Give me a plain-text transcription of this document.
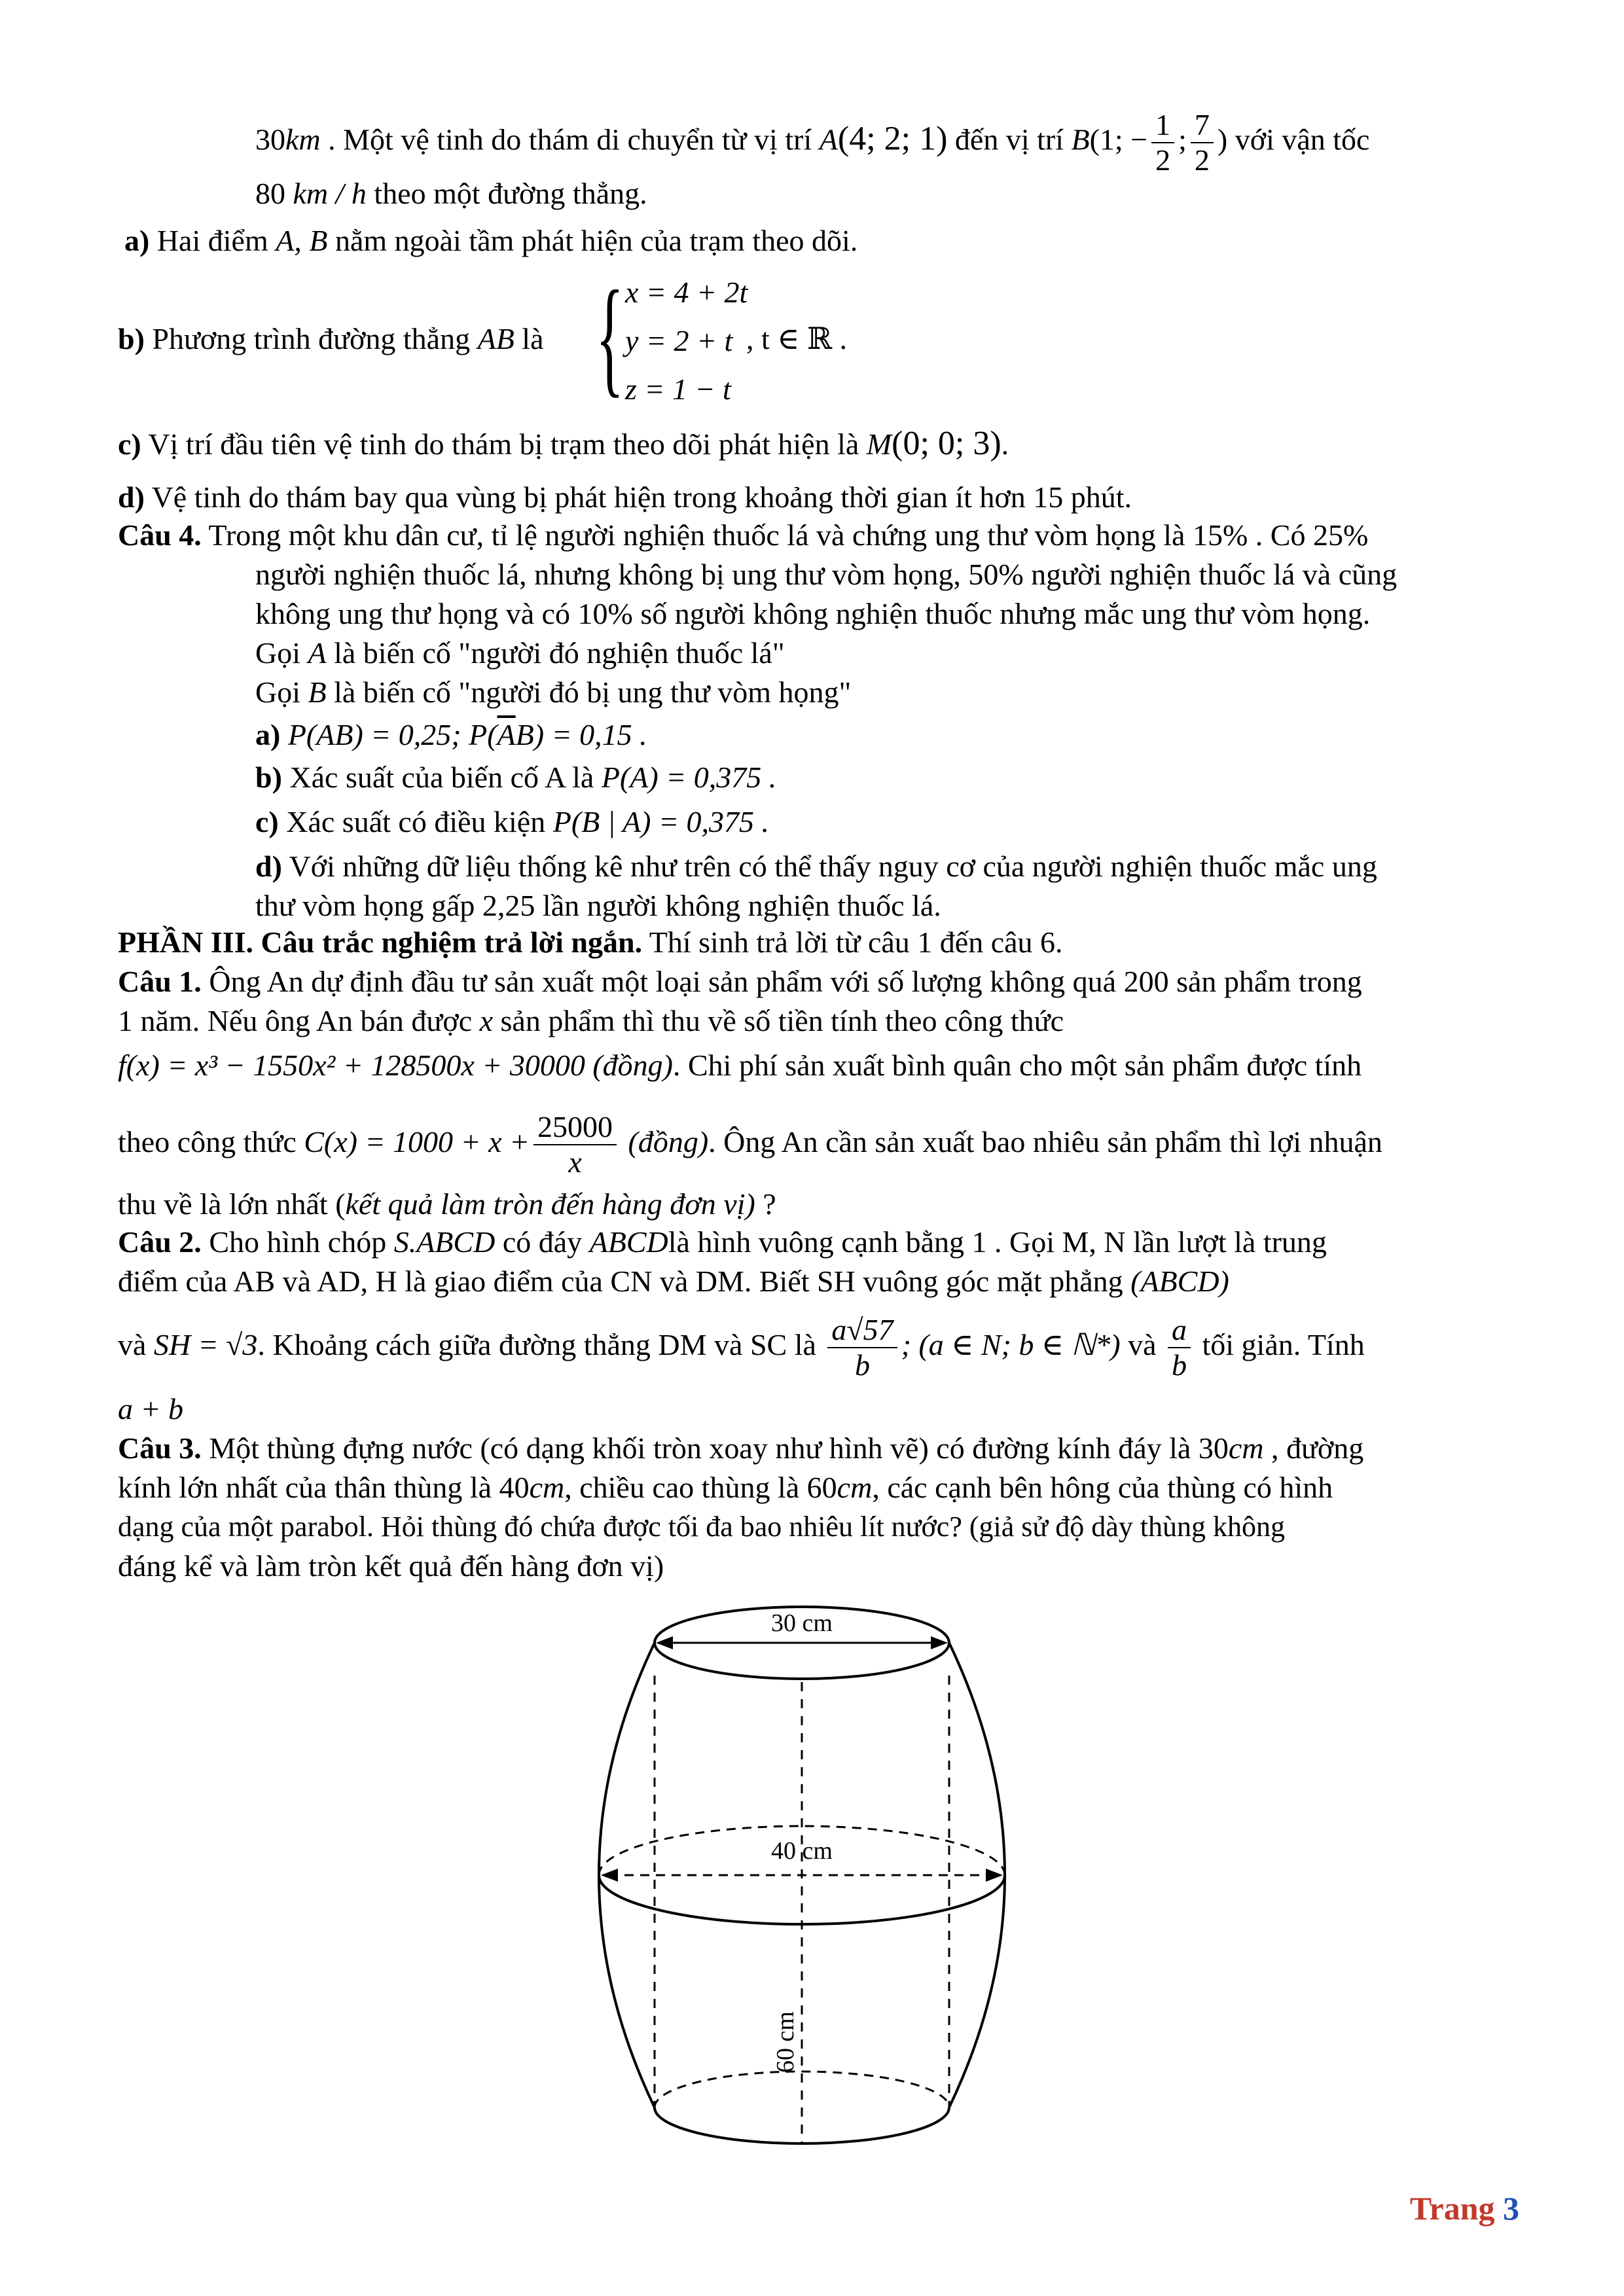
30km . Một vệ tinh do thám di chuyển từ vị trí A(4; 2; 1) đến vị trí B(1; − $\frac{1}{2}$ ; $\frac{7}{2}$ ) với vận tốc
80 km / h theo một đường thẳng.
a) Hai điểm A, B nằm ngoài tầm phát hiện của trạm theo dõi.
b) Phương trình đường thẳng AB là { x = 4 + 2t
y = 2 + t
z = 1 − t
, t ∈ ℝ .
c) Vị trí đầu tiên vệ tinh do thám bị trạm theo dõi phát hiện là M(0; 0; 3).
d) Vệ tinh do thám bay qua vùng bị phát hiện trong khoảng thời gian ít hơn 15 phút.
Câu 4. Trong một khu dân cư, tỉ lệ người nghiện thuốc lá và chứng ung thư vòm họng là 15% . Có 25%
người nghiện thuốc lá, nhưng không bị ung thư vòm họng, 50% người nghiện thuốc lá và cũng
không ung thư họng và có 10% số người không nghiện thuốc nhưng mắc ung thư vòm họng.
Gọi A là biến cố "người đó nghiện thuốc lá"
Gọi B là biến cố "người đó bị ung thư vòm họng"
a) P(AB) = 0,25; $P(\overline{A}B) = 0,15$ .
b) Xác suất của biến cố A là P(A) = 0,375 .
c) Xác suất có điều kiện P(B | A) = 0,375 .
d) Với những dữ liệu thống kê như trên có thể thấy nguy cơ của người nghiện thuốc mắc ung
thư vòm họng gấp 2,25 lần người không nghiện thuốc lá.
PHẦN III. Câu trắc nghiệm trả lời ngắn. Thí sinh trả lời từ câu 1 đến câu 6.
Câu 1. Ông An dự định đầu tư sản xuất một loại sản phẩm với số lượng không quá 200 sản phẩm trong
1 năm. Nếu ông An bán được x sản phẩm thì thu về số tiền tính theo công thức
f(x) = x³ − 1550x² + 128500x + 30000 (đồng). Chi phí sản xuất bình quân cho một sản phẩm được tính
theo công thức $C(x) = 1000 + x + \frac{25000}{x}$ (đồng). Ông An cần sản xuất bao nhiêu sản phẩm thì lợi nhuận
thu về là lớn nhất (kết quả làm tròn đến hàng đơn vị) ?
Câu 2. Cho hình chóp S.ABCD có đáy ABCDlà hình vuông cạnh bằng 1 . Gọi M, N lần lượt là trung
điểm của AB và AD, H là giao điểm của CN và DM. Biết SH vuông góc mặt phẳng (ABCD)
và SH = √3. Khoảng cách giữa đường thẳng DM và SC là $\frac{a√57}{b}$ ; (a ∈ N; b ∈ ℕ*) và $\frac{a}{b}$ tối giản. Tính
a + b
Câu 3. Một thùng đựng nước (có dạng khối tròn xoay như hình vẽ) có đường kính đáy là 30cm , đường
kính lớn nhất của thân thùng là 40cm, chiều cao thùng là 60cm, các cạnh bên hông của thùng có hình
dạng của một parabol. Hỏi thùng đó chứa được tối đa bao nhiêu lít nước? (giả sử độ dày thùng không
đáng kể và làm tròn kết quả đến hàng đơn vị)
30 cm
40 cm
60 cm
Trang 3
